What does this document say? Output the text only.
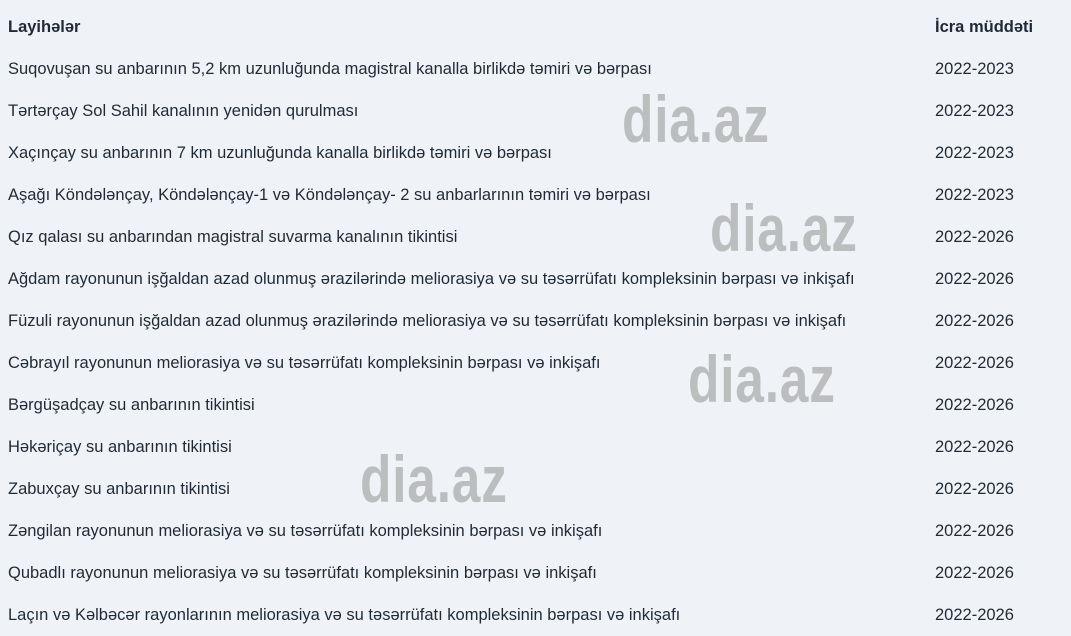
Layihələr	İcra müddəti
Suqovuşan su anbarının 5,2 km uzunluğunda magistral kanalla birlikdə təmiri və bərpası	2022-2023
Tərtərçay Sol Sahil kanalının yenidən qurulması	2022-2023
Xaçınçay su anbarının 7 km uzunluğunda kanalla birlikdə təmiri və bərpası	2022-2023
Aşağı Köndələnçay, Köndələnçay-1 və Köndələnçay- 2 su anbarlarının təmiri və bərpası	2022-2023
Qız qalası su anbarından magistral suvarma kanalının tikintisi	2022-2026
Ağdam rayonunun işğaldan azad olunmuş ərazilərində meliorasiya və su təsərrüfatı kompleksinin bərpası və inkişafı	2022-2026
Füzuli rayonunun işğaldan azad olunmuş ərazilərində meliorasiya və su təsərrüfatı kompleksinin bərpası və inkişafı	2022-2026
Cəbrayıl rayonunun meliorasiya və su təsərrüfatı kompleksinin bərpası və inkişafı	2022-2026
Bərgüşadçay su anbarının tikintisi	2022-2026
Həkəriçay su anbarının tikintisi	2022-2026
Zabuxçay su anbarının tikintisi	2022-2026
Zəngilan rayonunun meliorasiya və su təsərrüfatı kompleksinin bərpası və inkişafı	2022-2026
Qubadlı rayonunun meliorasiya və su təsərrüfatı kompleksinin bərpası və inkişafı	2022-2026
Laçın və Kəlbəcər rayonlarının meliorasiya və su təsərrüfatı kompleksinin bərpası və inkişafı	2022-2026
dia.az
dia.az
dia.az
dia.az
